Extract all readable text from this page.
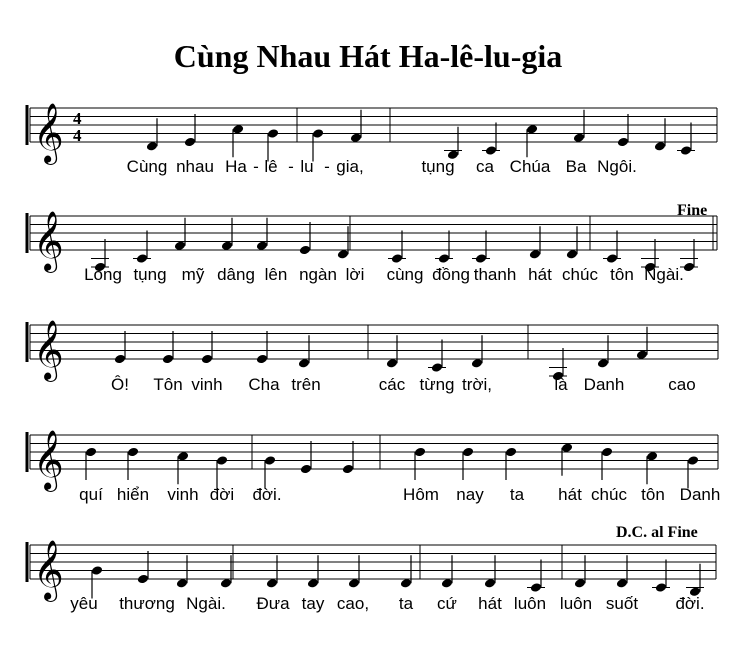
Cùng Nhau Hát Ha-lê-lu-gia
𝄞 4
4
𝄞
𝄞
𝄞
𝄞
Fine
D.C. al Fine
Cùng nhau Ha - lê - lu - gia,	tụng ca Chúa Ba Ngôi.
Lòng tụng mỹ dâng lên ngàn lời cùng đồng thanh hát chúc tôn Ngài.
Ô! Tôn vinh Cha trên	các từng trời,	là Danh	cao
quí hiển vinh đời đời.	Hôm nay ta hát chúc tôn Danh
yêu thương Ngài. Đưa tay cao, ta cứ hát luôn luôn suốt đời.
